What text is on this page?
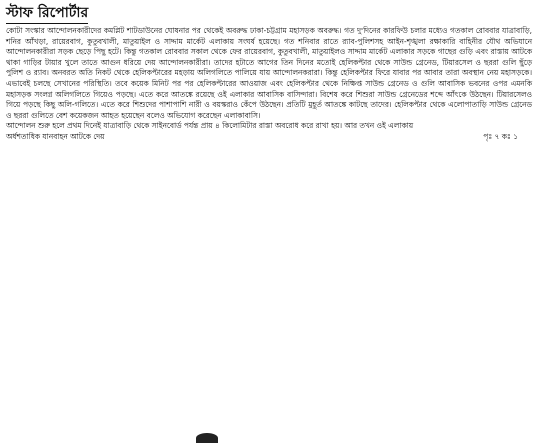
স্টাফ রিপোর্টার

কোটা সংস্কার আন্দোলনকারীদের কমপ্লিট শাটডাউনের ঘোষনার পর থেকেই অবরুদ্ধ ঢাকা-চট্টগ্রাম মহাসড়ক অবরুদ্ধ। গত দু'দিনের কারফিউ চলার মধ্যেও গতকাল রোববার যাত্রাবাড়ি, শনির আঁখড়া, রায়েরবাগ, কুতুবখালী, মাতুয়াইল ও সাদ্দাম মার্কেট এলাকায় সংঘর্ষ হয়েছে। গত শনিবার রাতে র‍্যাব-পুলিশসহ আইন-শৃঙ্খলা রক্ষাকারি বাহিনীর যৌথ অভিযানে আন্দোলনকারীরা সড়ক ছেড়ে পিছু হটে। কিন্তু গতকাল রোববার সকাল থেকে ফের রায়েরবাগ, কুতুবখালী, মাতুয়াইলও সাদ্দাম মার্কেট এলাকার সড়কে গাছের গুড়ি এবং রাস্তায় আটকে থাকা গাড়ির টায়ার খুলে তাতে আগুন ধরিয়ে দেয় আন্দোলনকারীরা। তাদের হটাতে আগের তিন দিনের মতোই হেলিকপ্টার থেকে সাউন্ড গ্রেনেড, টিয়ারসেল ও ছররা গুলি ছুঁড়ে পুলিশ ও র‍্যাব। অনবরত অতি নিকট থেকে হেলিকপ্টারের মহড়ায় অলিগলিতে পালিয়ে যায় আন্দোলনকরারা। কিন্তু হেলিকপ্টার ফিরে যাবার পর আবার তারা অবস্থান নেয় মহাসড়কে। এভাবেই চলছে সেখানের পরিস্থিতি। তবে কয়েক মিনিট পর পর হেলিকপ্টারের আওয়াজ এবং হেলিকপ্টার থেকে নিক্ষিপ্ত সাউন্ড গ্রেনেড ও গুলি আবাসিক ভবনের ওপর এমনকি মহাসড়ক সংলগ্ন অলিগলিতে গিয়েও পড়ছে। এতে করে আতঙ্কে রয়েছে ওই এলাকার আবাসিক বাসিন্দারা। বিশেষ করে শিশুরা সাউন্ড গ্রেনেডের শব্দে আঁৎকে উঠছেন। টিয়ারসেলও গিয়ে পড়ছে কিছু অলি-গলিতে। এতে করে শিশুদের পাশাপাশি নারী ও বয়স্করাও কেঁপে উঠছেন। প্রতিটি মুহূর্ত আতঙ্কে কাটছে তাদের। হেলিকপ্টার থেকে এলোপাতাড়ি সাউন্ড গ্রেনেড ও ছররা গুলিতে বেশ কয়েকজন আহত হয়েছেন বলেও অভিযোগ করেছেন এলাকাবাসি।

আন্দোলন শুরু হলে প্রথম দিনেই যাত্রাবাড়ি থেকে সাইনবোর্ড পর্যন্ত প্রায় ৪ কিলোমিটার রাস্তা অবরোধ করে রাখা হয়। আর তখন ওই এলাকায়

অর্ধশতাধিক যানবাহন আটকে দেয়	পৃঃ ৭ কঃ ১
